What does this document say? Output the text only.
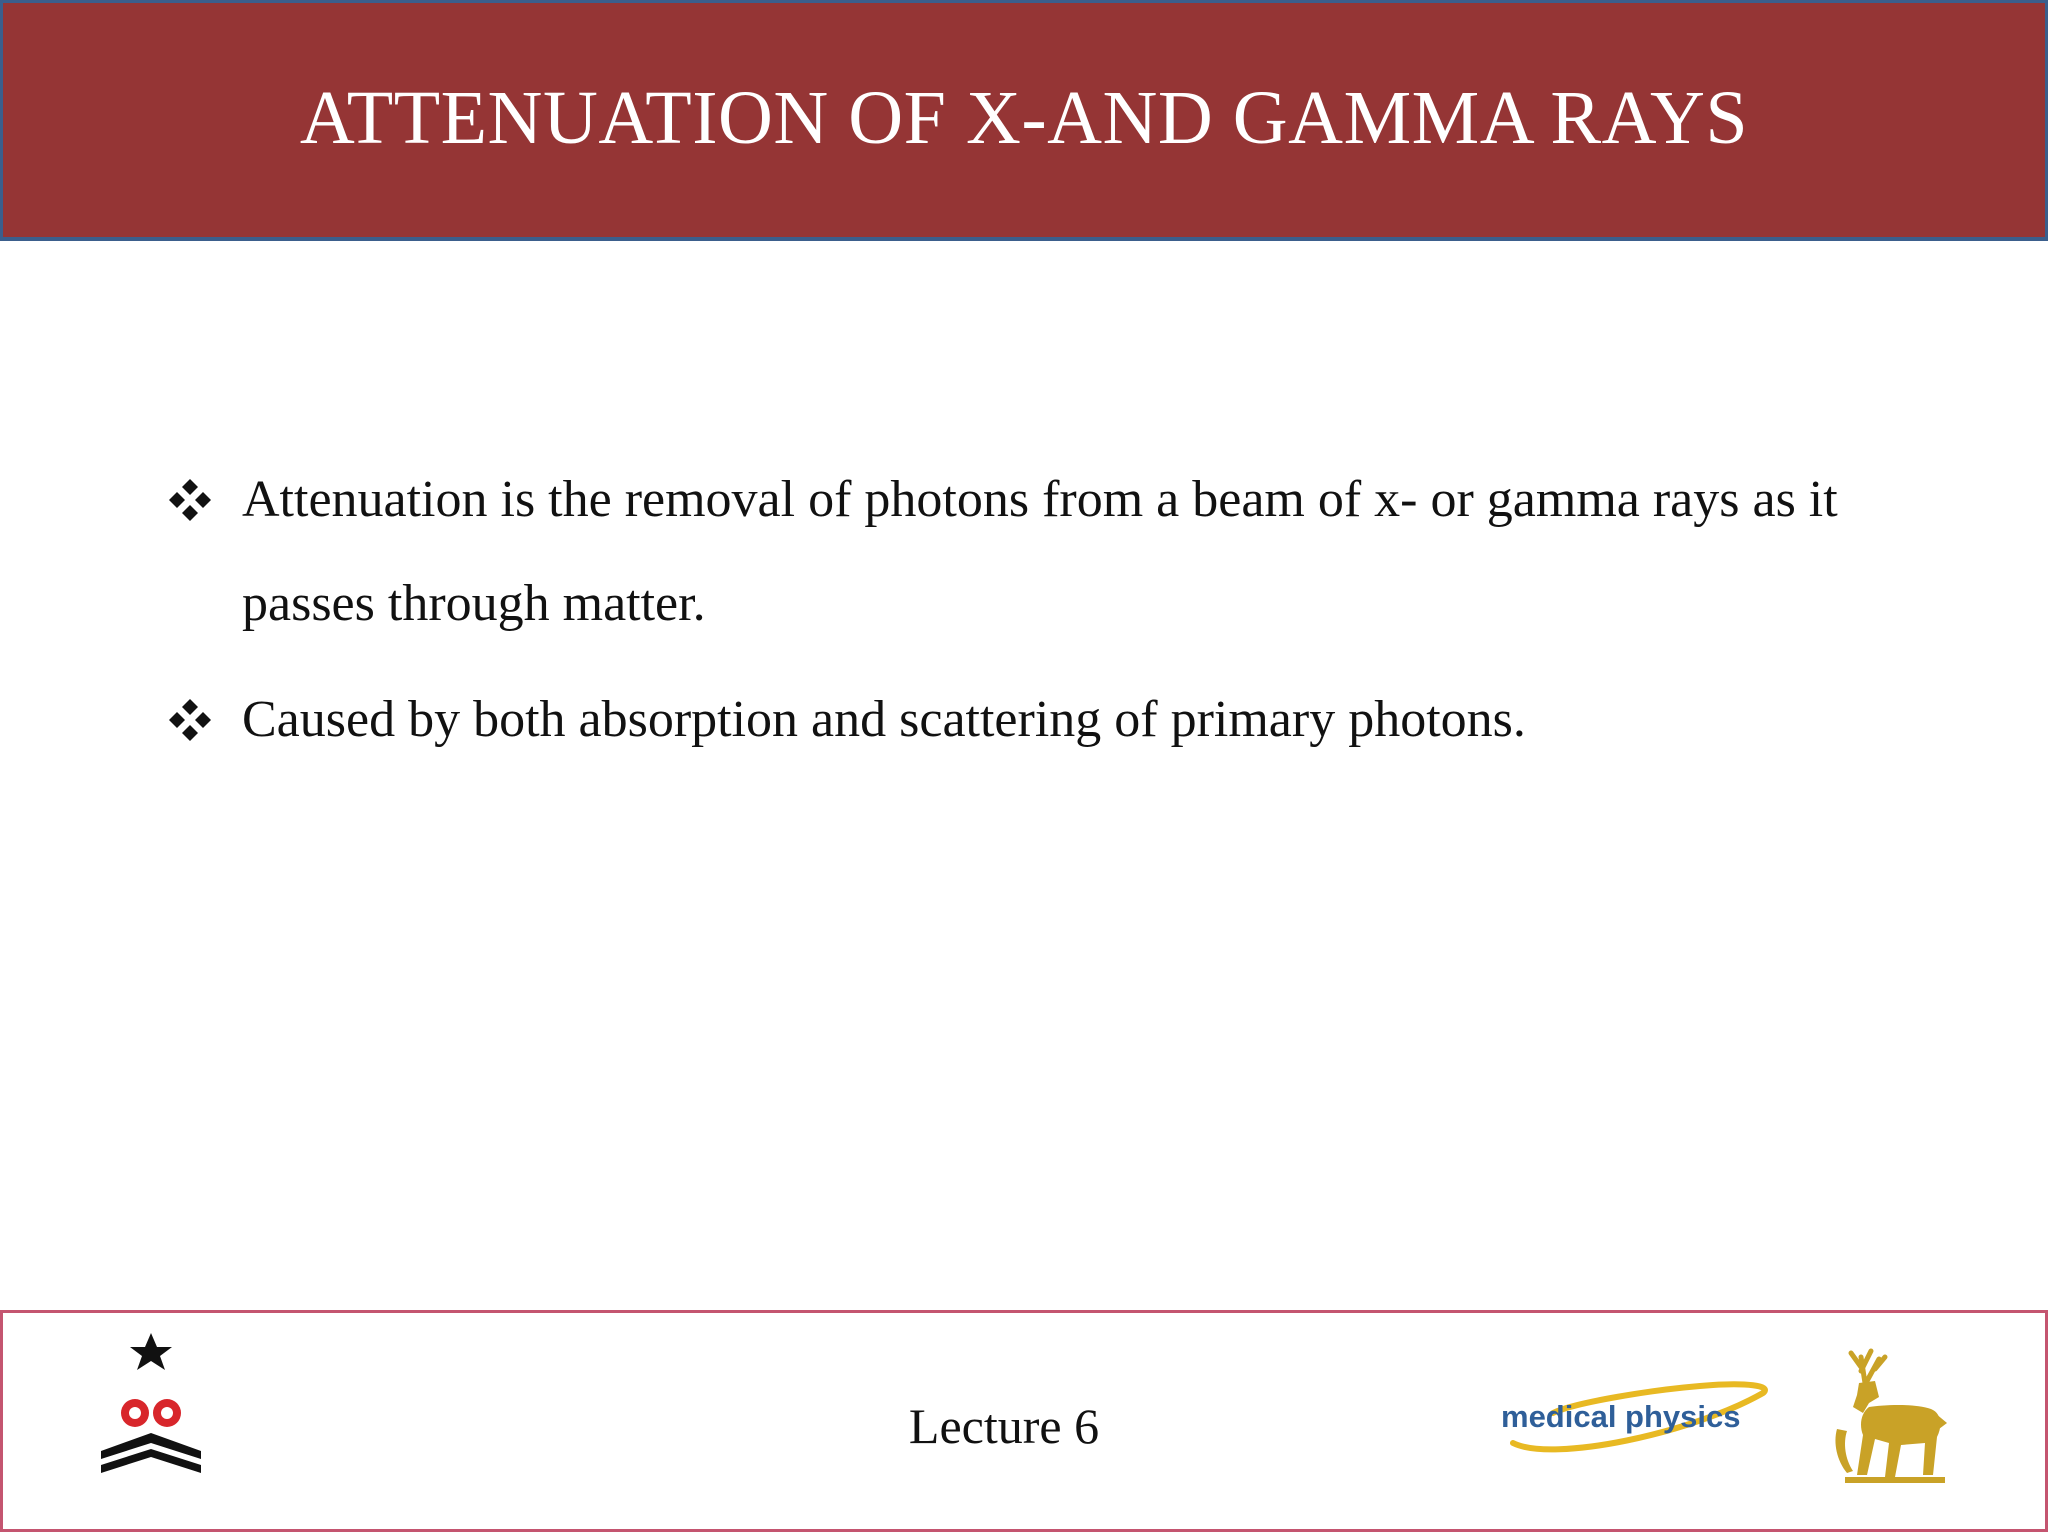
ATTENUATION OF X-AND GAMMA RAYS
Attenuation is the removal of photons from a beam of x- or gamma rays as it passes through matter.
Caused by both absorption and scattering of primary photons.
Lecture 6	medical physics
